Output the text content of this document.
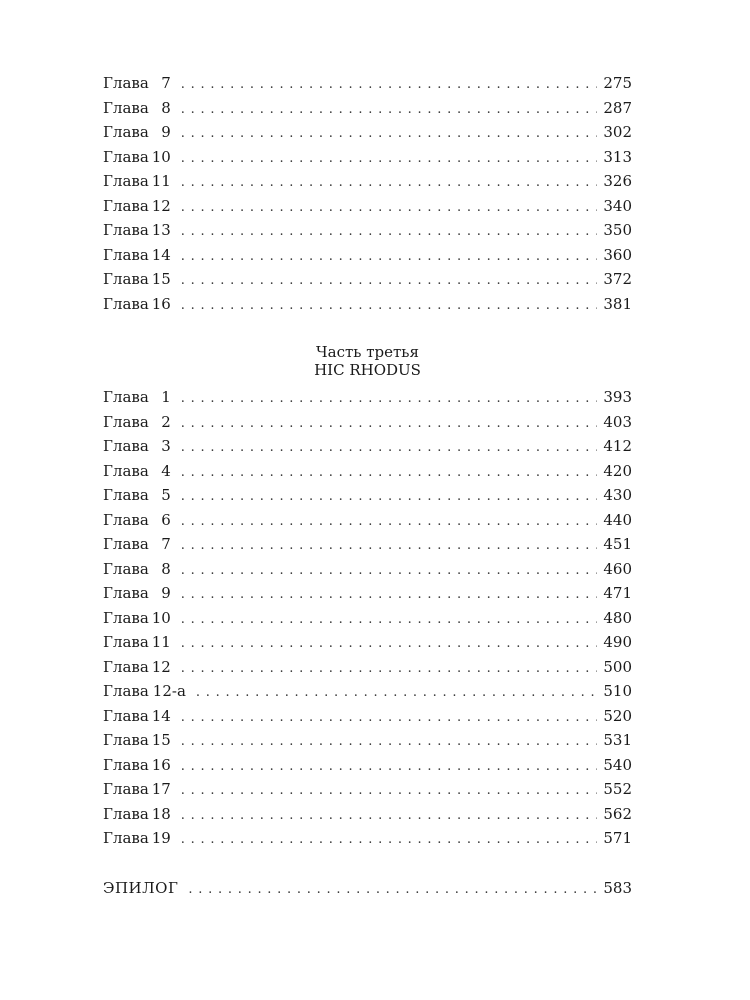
Глава 7 . . .	275
Глава 8 . . .	287
Глава 9 . . .	302
Глава 10 . . .	313
Глава 11 . . .	326
Глава 12 . . .	340
Глава 13 . . .	350
Глава 14 . . .	360
Глава 15 . . .	372
Глава 16 . . .	381
Часть третья
HIC RHODUS
Глава 1 . . .	393
Глава 2 . . .	403
Глава 3 . . .	412
Глава 4 . . .	420
Глава 5 . . .	430
Глава 6 . . .	440
Глава 7 . . .	451
Глава 8 . . .	460
Глава 9 . . .	471
Глава 10 . . .	480
Глава 11 . . .	490
Глава 12 . . .	500
Глава 12-а . . .	510
Глава 14 . . .	520
Глава 15 . . .	531
Глава 16 . . .	540
Глава 17 . . .	552
Глава 18 . . .	562
Глава 19 . . .	571
ЭПИЛОГ . . .	583
